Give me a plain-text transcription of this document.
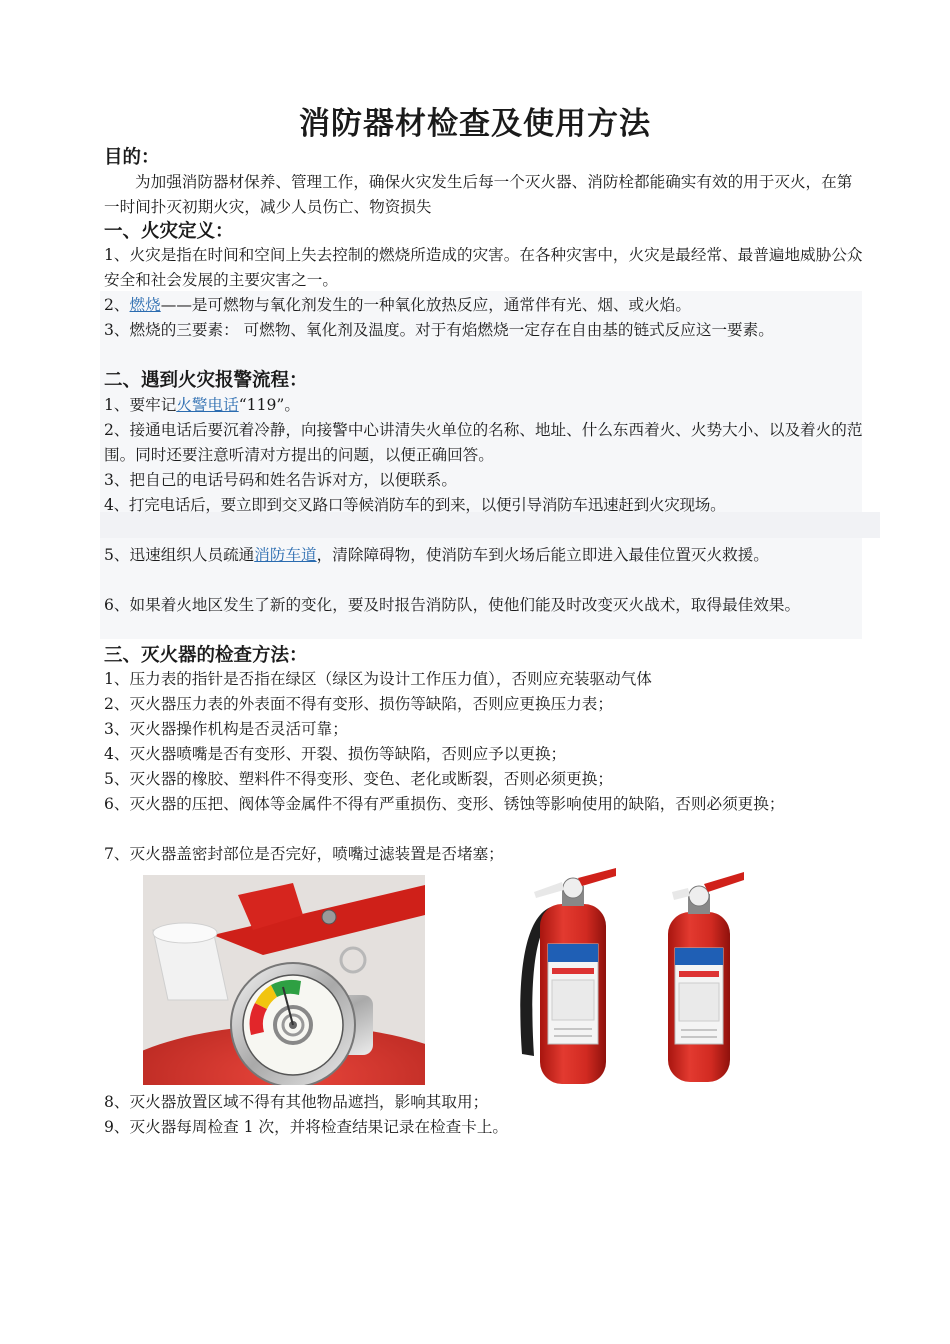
消防器材检查及使用方法
目的：
为加强消防器材保养、管理工作，确保火灾发生后每一个灭火器、消防栓都能确实有效的用于灭火，在第一时间扑灭初期火灾，减少人员伤亡、物资损失
一、火灾定义：
1、火灾是指在时间和空间上失去控制的燃烧所造成的灾害。在各种灾害中，火灾是最经常、最普遍地威胁公众安全和社会发展的主要灾害之一。
2、燃烧——是可燃物与氧化剂发生的一种氧化放热反应，通常伴有光、烟、或火焰。
3、燃烧的三要素： 可燃物、氧化剂及温度。对于有焰燃烧一定存在自由基的链式反应这一要素。
二、遇到火灾报警流程：
1、要牢记火警电话“119”。
2、接通电话后要沉着冷静，向接警中心讲清失火单位的名称、地址、什么东西着火、火势大小、以及着火的范围。同时还要注意听清对方提出的问题，以便正确回答。
3、把自己的电话号码和姓名告诉对方，以便联系。
4、打完电话后，要立即到交叉路口等候消防车的到来，以便引导消防车迅速赶到火灾现场。
5、迅速组织人员疏通消防车道，清除障碍物，使消防车到火场后能立即进入最佳位置灭火救援。
6、如果着火地区发生了新的变化，要及时报告消防队，使他们能及时改变灭火战术，取得最佳效果。
三、灭火器的检查方法：
1、压力表的指针是否指在绿区（绿区为设计工作压力值），否则应充装驱动气体
2、灭火器压力表的外表面不得有变形、损伤等缺陷，否则应更换压力表；
3、灭火器操作机构是否灵活可靠；
4、灭火器喷嘴是否有变形、开裂、损伤等缺陷，否则应予以更换；
5、灭火器的橡胶、塑料件不得变形、变色、老化或断裂，否则必须更换；
6、灭火器的压把、阀体等金属件不得有严重损伤、变形、锈蚀等影响使用的缺陷，否则必须更换；
7、灭火器盖密封部位是否完好，喷嘴过滤装置是否堵塞；
8、灭火器放置区域不得有其他物品遮挡，影响其取用；
9、灭火器每周检查 1 次，并将检查结果记录在检查卡上。
